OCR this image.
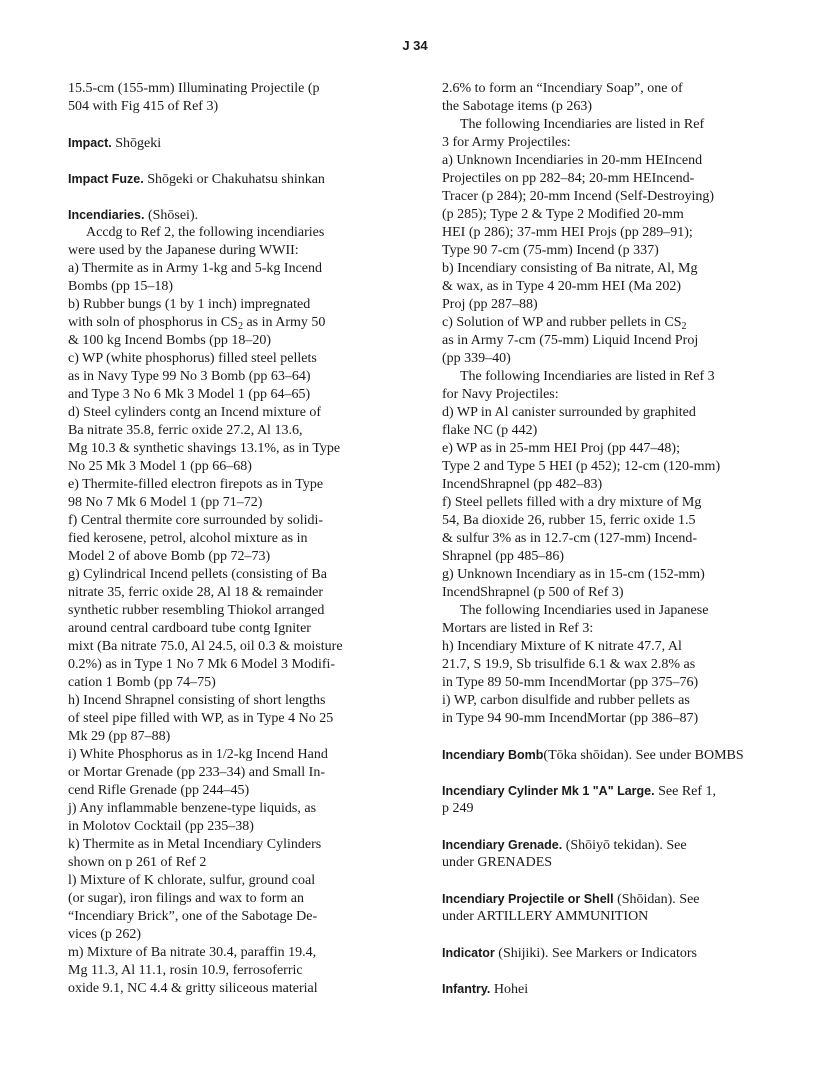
J 34
15.5-cm (155-mm) Illuminating Projectile (p
504 with Fig 415 of Ref 3)
Impact. Shōgeki
Impact Fuze. Shōgeki or Chakuhatsu shinkan
Incendiaries. (Shōsei).
Accdg to Ref 2, the following incendiaries
were used by the Japanese during WWII:
a) Thermite as in Army 1-kg and 5-kg Incend
Bombs (pp 15–18)
b) Rubber bungs (1 by 1 inch) impregnated
with soln of phosphorus in $CS_2$ as in Army 50
& 100 kg Incend Bombs (pp 18–20)
c) WP (white phosphorus) filled steel pellets
as in Navy Type 99 No 3 Bomb (pp 63–64)
and Type 3 No 6 Mk 3 Model 1 (pp 64–65)
d) Steel cylinders contg an Incend mixture of
Ba nitrate 35.8, ferric oxide 27.2, Al 13.6,
Mg 10.3 & synthetic shavings 13.1%, as in Type
No 25 Mk 3 Model 1 (pp 66–68)
e) Thermite-filled electron firepots as in Type
98 No 7 Mk 6 Model 1 (pp 71–72)
f) Central thermite core surrounded by solidi-
fied kerosene, petrol, alcohol mixture as in
Model 2 of above Bomb (pp 72–73)
g) Cylindrical Incend pellets (consisting of Ba
nitrate 35, ferric oxide 28, Al 18 & remainder
synthetic rubber resembling Thiokol arranged
around central cardboard tube contg Igniter
mixt (Ba nitrate 75.0, Al 24.5, oil 0.3 & moisture
0.2%) as in Type 1 No 7 Mk 6 Model 3 Modifi-
cation 1 Bomb (pp 74–75)
h) Incend Shrapnel consisting of short lengths
of steel pipe filled with WP, as in Type 4 No 25
Mk 29 (pp 87–88)
i) White Phosphorus as in 1/2-kg Incend Hand
or Mortar Grenade (pp 233–34) and Small In-
cend Rifle Grenade (pp 244–45)
j) Any inflammable benzene-type liquids, as
in Molotov Cocktail (pp 235–38)
k) Thermite as in Metal Incendiary Cylinders
shown on p 261 of Ref 2
l) Mixture of K chlorate, sulfur, ground coal
(or sugar), iron filings and wax to form an
“Incendiary Brick”, one of the Sabotage De-
vices (p 262)
m) Mixture of Ba nitrate 30.4, paraffin 19.4,
Mg 11.3, Al 11.1, rosin 10.9, ferrosoferric
oxide 9.1, NC 4.4 & gritty siliceous material
2.6% to form an “Incendiary Soap”, one of
the Sabotage items (p 263)
The following Incendiaries are listed in Ref
3 for Army Projectiles:
a) Unknown Incendiaries in 20-mm HEIncend
Projectiles on pp 282–84; 20-mm HEIncend-
Tracer (p 284); 20-mm Incend (Self-Destroying)
(p 285); Type 2 & Type 2 Modified 20-mm
HEI (p 286); 37-mm HEI Projs (pp 289–91);
Type 90 7-cm (75-mm) Incend (p 337)
b) Incendiary consisting of Ba nitrate, Al, Mg
& wax, as in Type 4 20-mm HEI (Ma 202)
Proj (pp 287–88)
c) Solution of WP and rubber pellets in $CS_2$
as in Army 7-cm (75-mm) Liquid Incend Proj
(pp 339–40)
The following Incendiaries are listed in Ref 3
for Navy Projectiles:
d) WP in Al canister surrounded by graphited
flake NC (p 442)
e) WP as in 25-mm HEI Proj (pp 447–48);
Type 2 and Type 5 HEI (p 452); 12-cm (120-mm)
IncendShrapnel (pp 482–83)
f) Steel pellets filled with a dry mixture of Mg
54, Ba dioxide 26, rubber 15, ferric oxide 1.5
& sulfur 3% as in 12.7-cm (127-mm) Incend-
Shrapnel (pp 485–86)
g) Unknown Incendiary as in 15-cm (152-mm)
IncendShrapnel (p 500 of Ref 3)
The following Incendiaries used in Japanese
Mortars are listed in Ref 3:
h) Incendiary Mixture of K nitrate 47.7, Al
21.7, S 19.9, Sb trisulfide 6.1 & wax 2.8% as
in Type 89 50-mm IncendMortar (pp 375–76)
i) WP, carbon disulfide and rubber pellets as
in Type 94 90-mm IncendMortar (pp 386–87)
Incendiary Bomb(Tōka shōidan). See under BOMBS
Incendiary Cylinder Mk 1 "A" Large. See Ref 1,
p 249
Incendiary Grenade. (Shōiyō tekidan). See
under GRENADES
Incendiary Projectile or Shell (Shōidan). See
under ARTILLERY AMMUNITION
Indicator (Shijiki). See Markers or Indicators
Infantry. Hohei
